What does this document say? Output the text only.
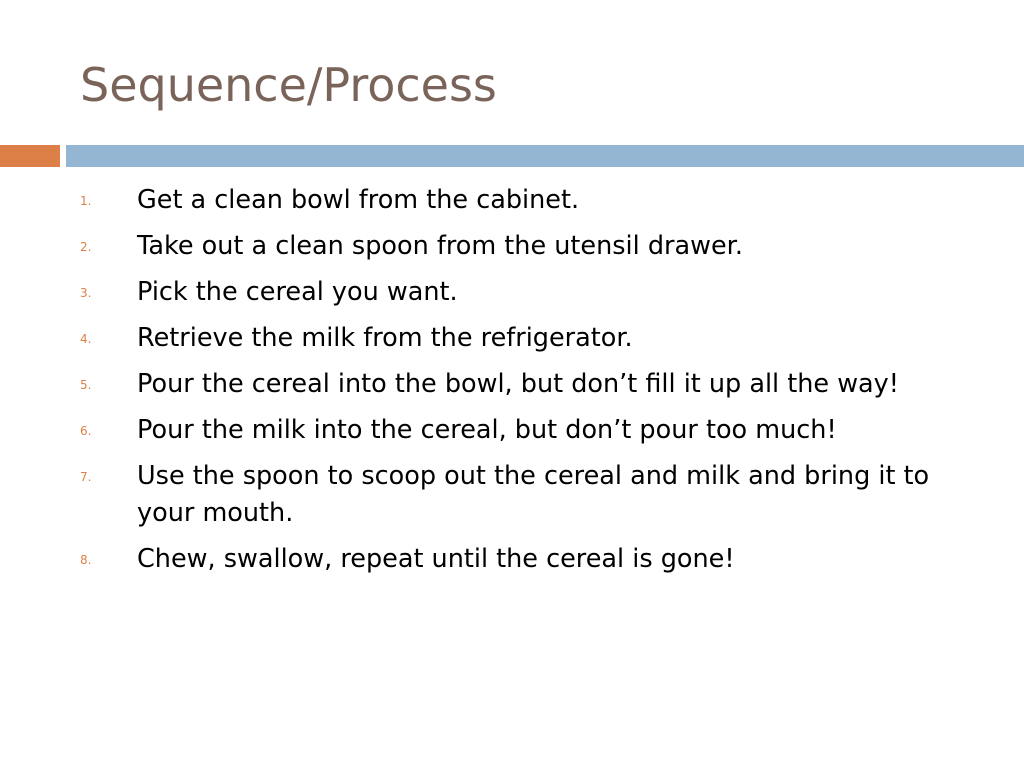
Sequence/Process
1. Get a clean bowl from the cabinet.
2. Take out a clean spoon from the utensil drawer.
3. Pick the cereal you want.
4. Retrieve the milk from the refrigerator.
5. Pour the cereal into the bowl, but don’t fill it up all the way!
6. Pour the milk into the cereal, but don’t pour too much!
7. Use the spoon to scoop out the cereal and milk and bring it to your mouth.
8. Chew, swallow, repeat until the cereal is gone!
